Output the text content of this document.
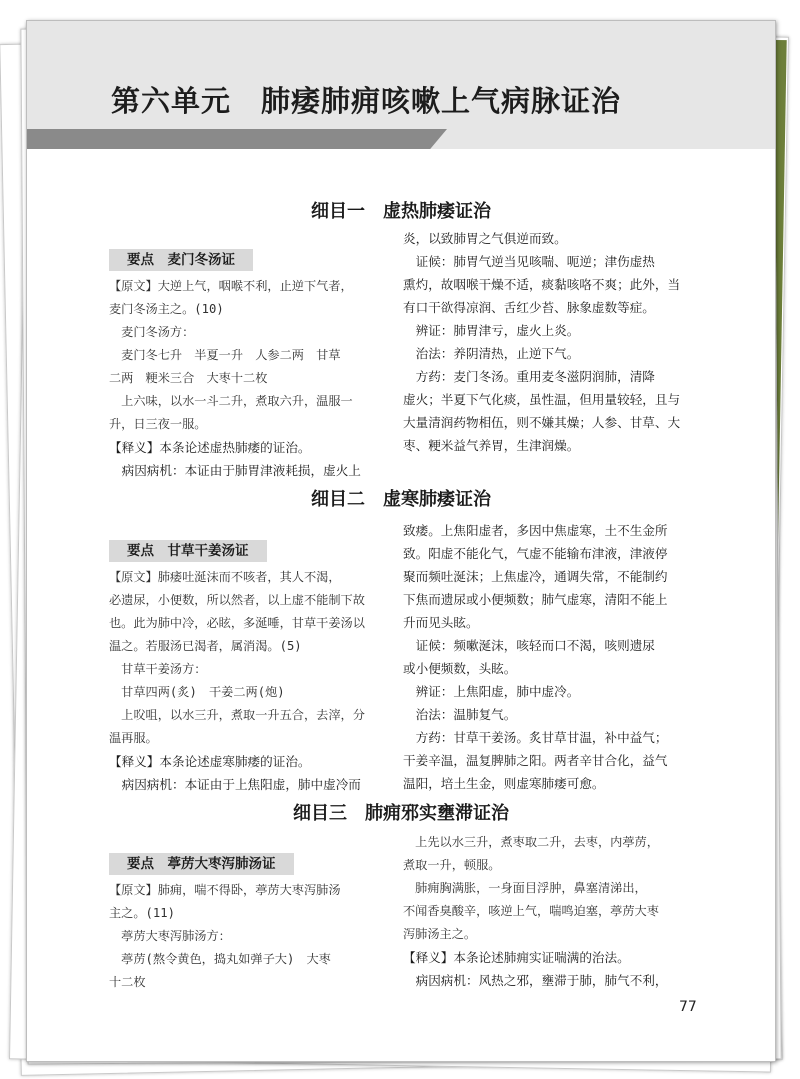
第六单元　肺痿肺痈咳嗽上气病脉证治
细目一　虚热肺痿证治
要点　麦门冬汤证
【原文】大逆上气，咽喉不利，止逆下气者，
麦门冬汤主之。(10)
　麦门冬汤方：
　麦门冬七升　半夏一升　人参二两　甘草
二两　粳米三合　大枣十二枚
　上六味，以水一斗二升，煮取六升，温服一
升，日三夜一服。
【释义】本条论述虚热肺痿的证治。
　病因病机：本证由于肺胃津液耗损，虚火上
炎，以致肺胃之气俱逆而致。
　证候：肺胃气逆当见咳喘、呃逆；津伤虚热
熏灼，故咽喉干燥不适，痰黏咳咯不爽；此外，当
有口干欲得凉润、舌红少苔、脉象虚数等症。
　辨证：肺胃津亏，虚火上炎。
　治法：养阴清热，止逆下气。
　方药：麦门冬汤。重用麦冬滋阴润肺，清降
虚火；半夏下气化痰，虽性温，但用量较轻，且与
大量清润药物相伍，则不嫌其燥；人参、甘草、大
枣、粳米益气养胃，生津润燥。
细目二　虚寒肺痿证治
要点　甘草干姜汤证
【原文】肺痿吐涎沫而不咳者，其人不渴，
必遗尿，小便数，所以然者，以上虚不能制下故
也。此为肺中冷，必眩，多涎唾，甘草干姜汤以
温之。若服汤已渴者，属消渴。(5)
　甘草干姜汤方：
　甘草四两(炙)　干姜二两(炮)
　上㕮咀，以水三升，煮取一升五合，去滓，分
温再服。
【释义】本条论述虚寒肺痿的证治。
　病因病机：本证由于上焦阳虚，肺中虚冷而
致痿。上焦阳虚者，多因中焦虚寒，土不生金所
致。阳虚不能化气，气虚不能输布津液，津液停
聚而频吐涎沫；上焦虚冷，通调失常，不能制约
下焦而遗尿或小便频数；肺气虚寒，清阳不能上
升而见头眩。
　证候：频嗽涎沫，咳轻而口不渴，咳则遗尿
或小便频数，头眩。
　辨证：上焦阳虚，肺中虚冷。
　治法：温肺复气。
　方药：甘草干姜汤。炙甘草甘温，补中益气；
干姜辛温，温复脾肺之阳。两者辛甘合化，益气
温阳，培土生金，则虚寒肺痿可愈。
细目三　肺痈邪实壅滞证治
要点　葶苈大枣泻肺汤证
【原文】肺痈，喘不得卧，葶苈大枣泻肺汤
主之。(11)
　葶苈大枣泻肺汤方：
　葶苈(熬令黄色，捣丸如弹子大)　大枣
十二枚
　上先以水三升，煮枣取二升，去枣，内葶苈，
煮取一升，顿服。
　肺痈胸满胀，一身面目浮肿，鼻塞清涕出，
不闻香臭酸辛，咳逆上气，喘鸣迫塞，葶苈大枣
泻肺汤主之。
【释义】本条论述肺痈实证喘满的治法。
　病因病机：风热之邪，壅滞于肺，肺气不利，
77
